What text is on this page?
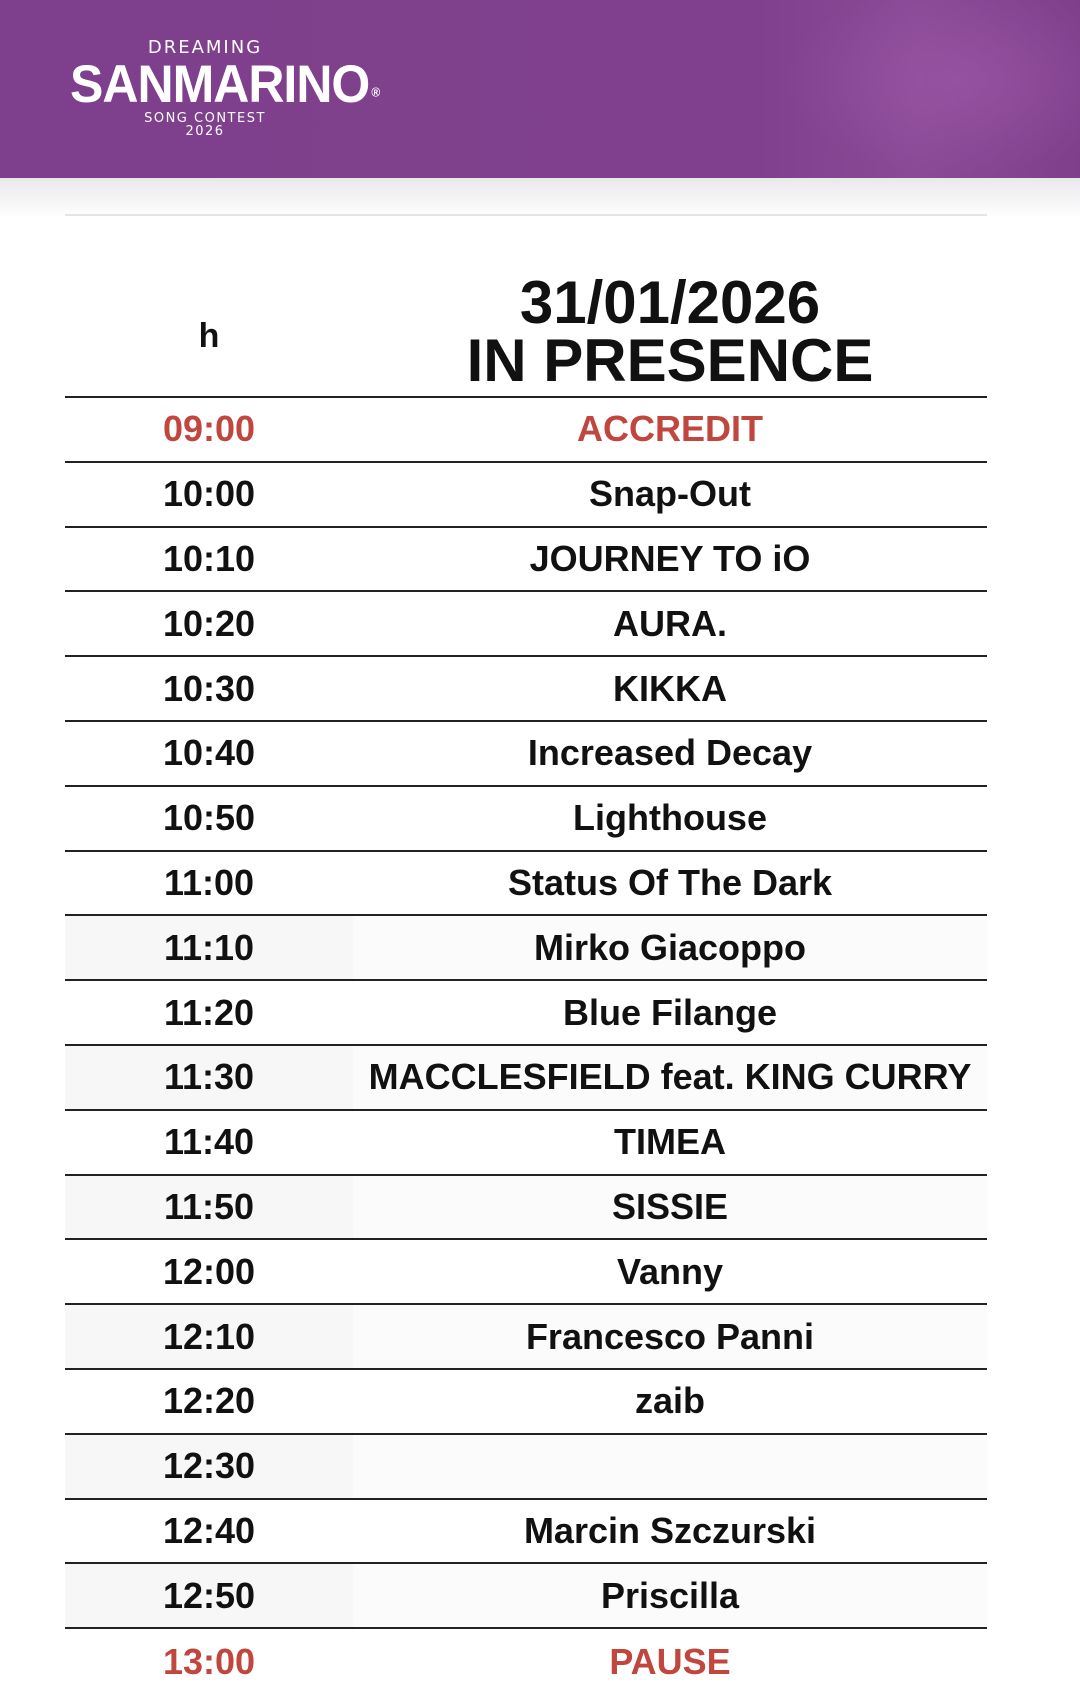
DREAMING
SANMARINO ®
SONG CONTEST
2026
h	31/01/2026
IN PRESENCE
09:00	ACCREDIT
10:00	Snap-Out
10:10	JOURNEY TO iO
10:20	AURA.
10:30	KIKKA
10:40	Increased Decay
10:50	Lighthouse
11:00	Status Of The Dark
11:10	Mirko Giacoppo
11:20	Blue Filange
11:30	MACCLESFIELD feat. KING CURRY
11:40	TIMEA
11:50	SISSIE
12:00	Vanny
12:10	Francesco Panni
12:20	zaib
12:30
12:40	Marcin Szczurski
12:50	Priscilla
13:00	PAUSE
